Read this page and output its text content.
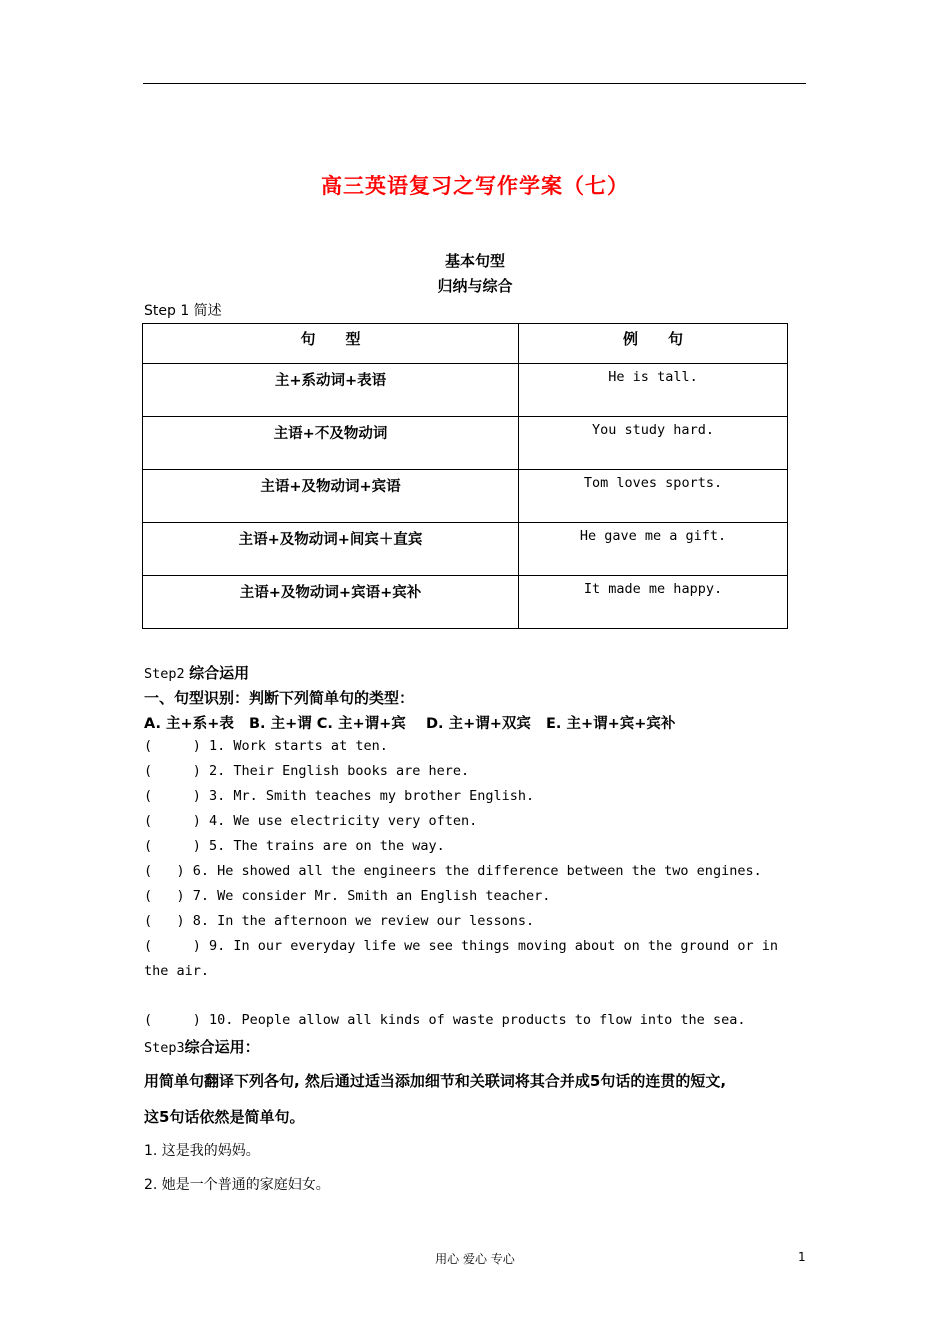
高三英语复习之写作学案（七）
基本句型
归纳与综合
Step 1 简述
句　　型	例　　句
主+系动词+表语	He is tall.
主语+不及物动词	You study hard.
主语+及物动词+宾语	Tom loves sports.
主语+及物动词+间宾＋直宾	He gave me a gift.
主语+及物动词+宾语+宾补	It made me happy.
Step2 综合运用
一、句型识别：判断下列简单句的类型：
A. 主+系+表   B. 主+谓 C. 主+谓+宾    D. 主+谓+双宾   E. 主+谓+宾+宾补
(     ) 1. Work starts at ten.
(     ) 2. Their English books are here.
(     ) 3. Mr. Smith teaches my brother English.
(     ) 4. We use electricity very often.
(     ) 5. The trains are on the way.
(   ) 6. He showed all the engineers the difference between the two engines.
(   ) 7. We consider Mr. Smith an English teacher.
(   ) 8. In the afternoon we review our lessons.
(     ) 9. In our everyday life we see things moving about on the ground or in
the air.
(     ) 10. People allow all kinds of waste products to flow into the sea.
Step3综合运用：
用简单句翻译下列各句, 然后通过适当添加细节和关联词将其合并成5句话的连贯的短文,
这5句话依然是简单句。
1. 这是我的妈妈。
2. 她是一个普通的家庭妇女。
用心 爱心 专心	1
